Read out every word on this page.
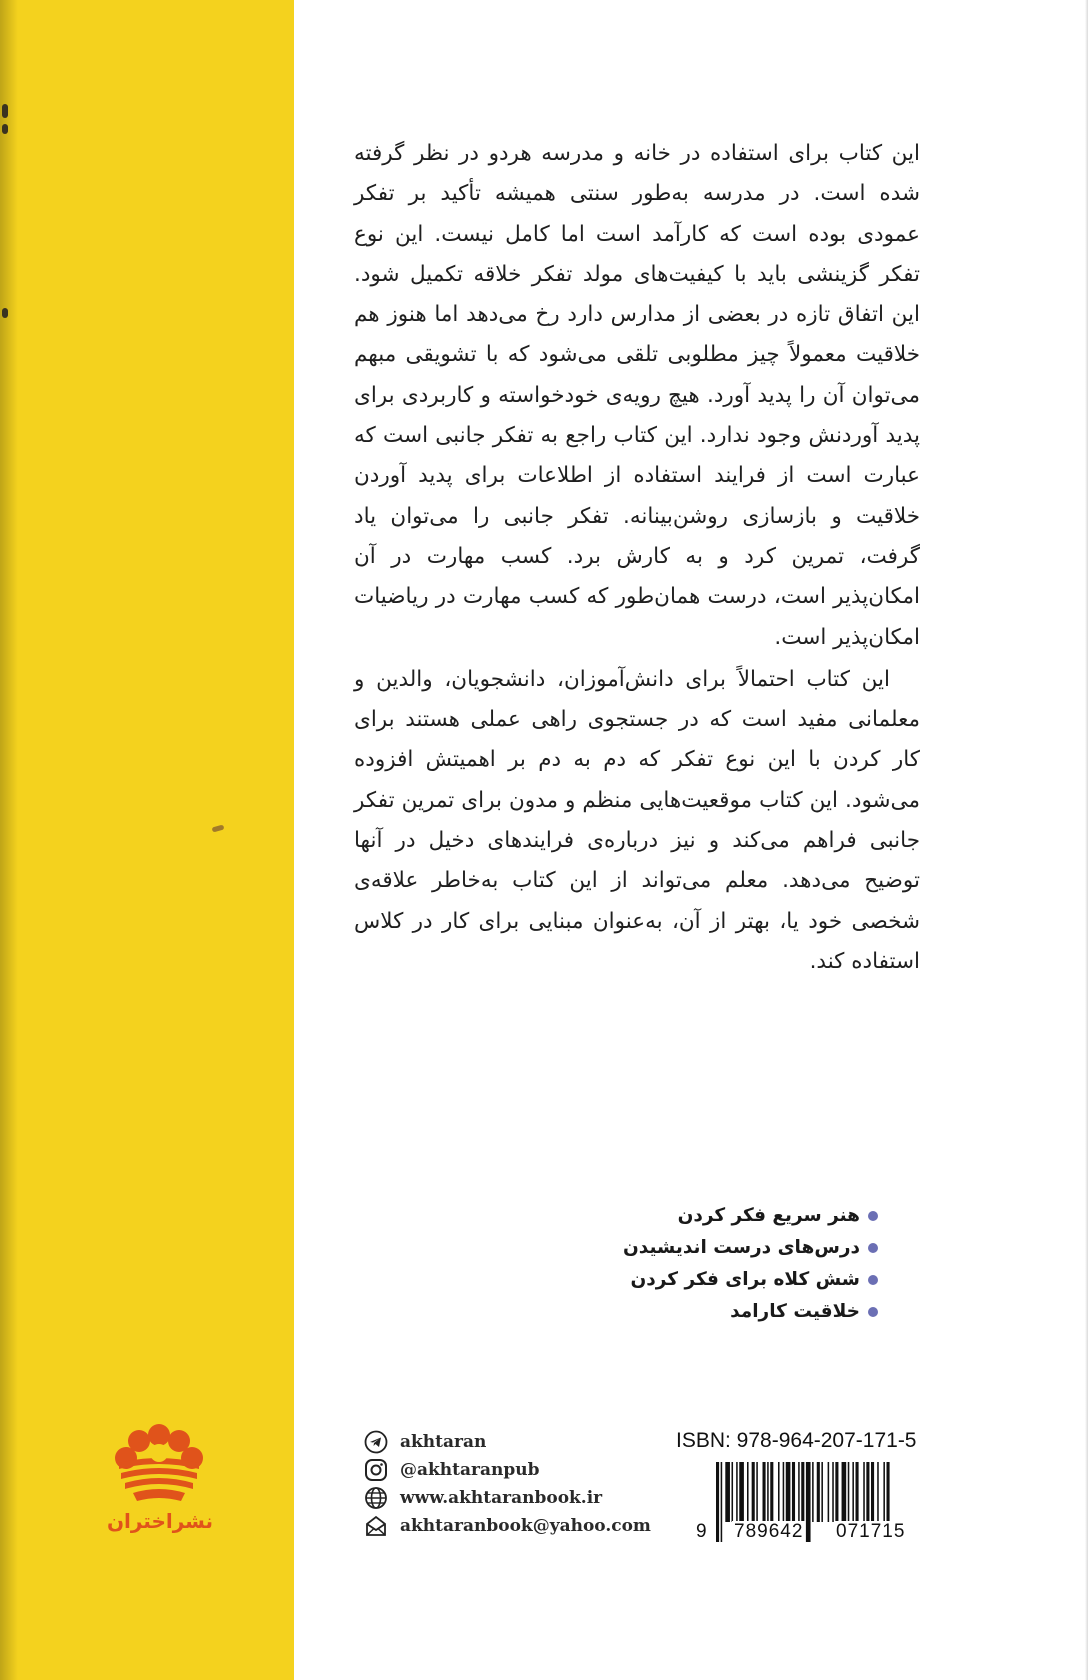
نشراختران

این کتاب برای استفاده در خانه و مدرسه هردو در نظر گرفته شده است. در مدرسه به‌طور سنتی همیشه تأکید بر تفکر عمودی بوده است که کارآمد است اما کامل نیست. این نوع تفکر گزینشی باید با کیفیت‌های مولد تفکر خلاقه تکمیل شود. این اتفاق تازه در بعضی از مدارس دارد رخ می‌دهد اما هنوز هم خلاقیت معمولاً چیز مطلوبی تلقی می‌شود که با تشویقی مبهم می‌توان آن را پدید آورد. هیچ رویه‌ی خودخواسته و کاربردی برای پدید آوردنش وجود ندارد. این کتاب راجع به تفکر جانبی است که عبارت است از فرایند استفاده از اطلاعات برای پدید آوردن خلاقیت و بازسازی روشن‌بینانه. تفکر جانبی را می‌توان یاد گرفت، تمرین کرد و به کارش برد. کسب مهارت در آن امکان‌پذیر است، درست همان‌طور که کسب مهارت در ریاضیات امکان‌پذیر است.

این کتاب احتمالاً برای دانش‌آموزان، دانشجویان، والدین و معلمانی مفید است که در جستجوی راهی عملی هستند برای کار کردن با این نوع تفکر که دم به دم بر اهمیتش افزوده می‌شود. این کتاب موقعیت‌هایی منظم و مدون برای تمرین تفکر جانبی فراهم می‌کند و نیز درباره‌ی فرایندهای دخیل در آنها توضیح می‌دهد. معلم می‌تواند از این کتاب به‌خاطر علاقه‌ی شخصی خود یا، بهتر از آن، به‌عنوان مبنایی برای کار در کلاس استفاده کند.

هنر سریع فکر کردن
درس‌های درست اندیشیدن
شش کلاه برای فکر کردن
خلاقیت کارامد
akhtaran
@akhtaranpub
www.akhtaranbook.ir
akhtaranbook@yahoo.com
ISBN: 978-964-207-171-5
9 789642 071715
